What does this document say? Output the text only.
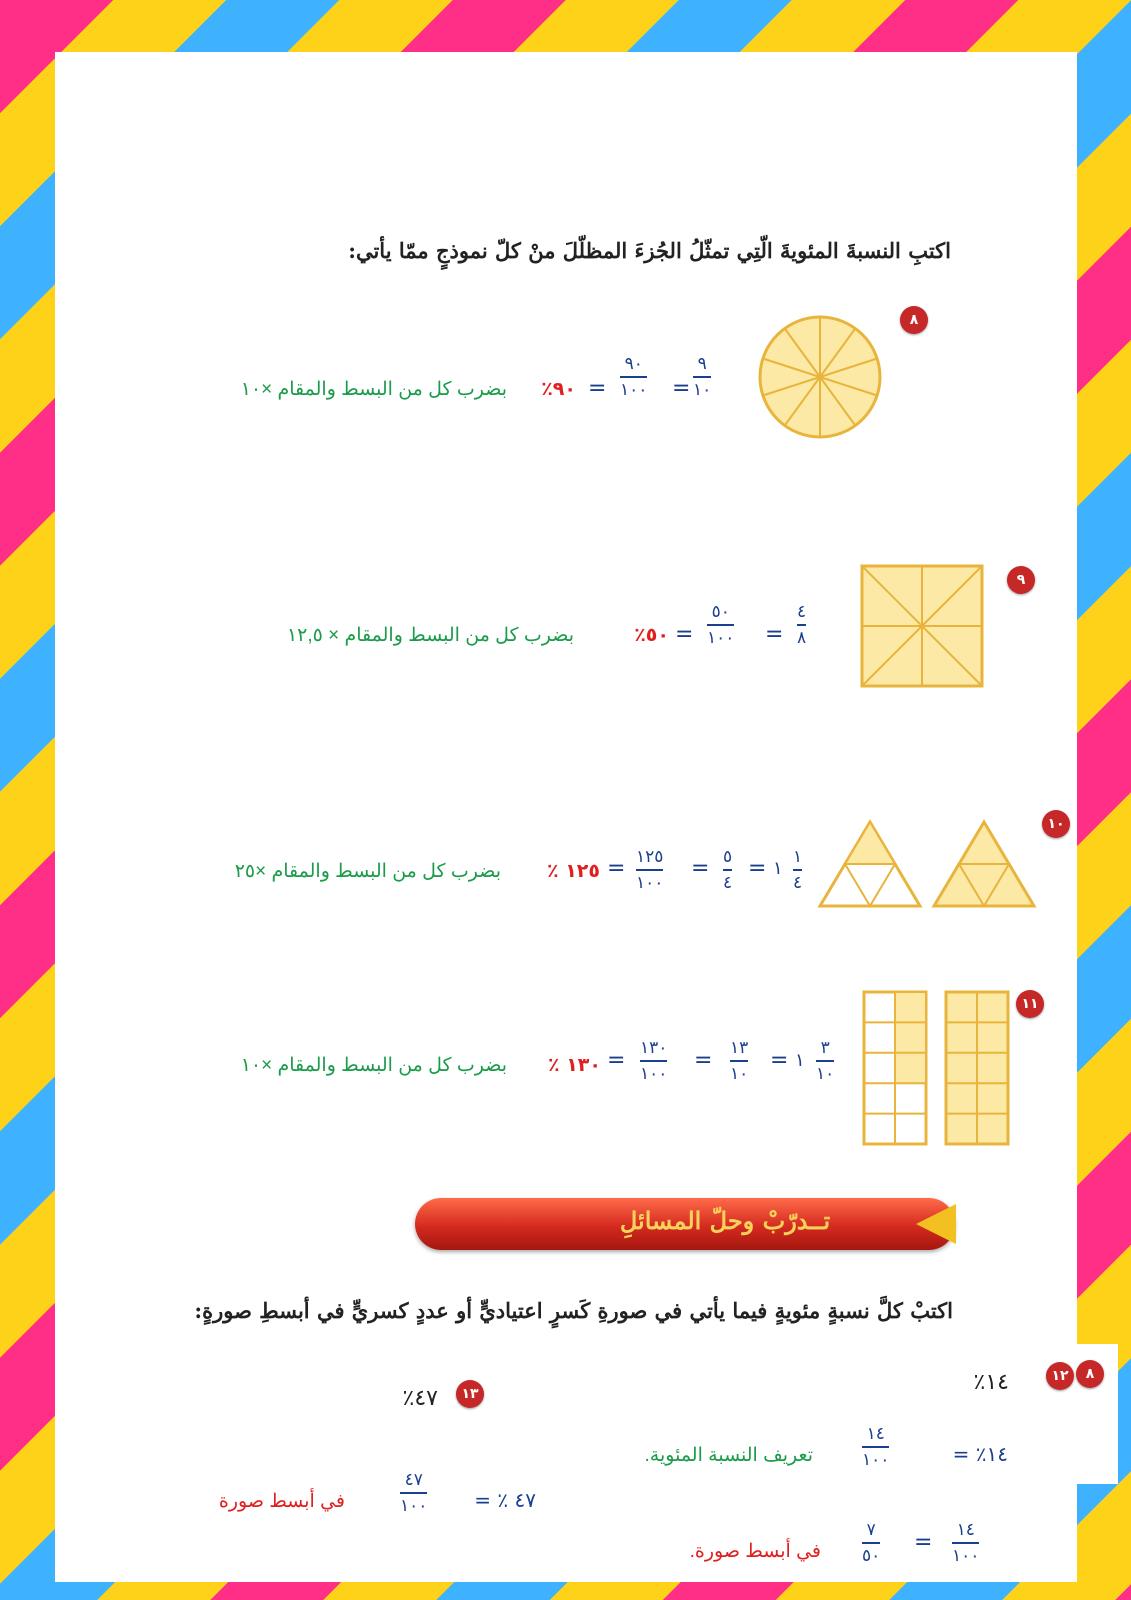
اكتبِ النسبةَ المئويةَ الّتِي تمثّلُ الجُزءَ المظلّلَ منْ كلّ نموذجٍ ممّا يأتي:
٨
٩
١٠
=
٩٠
١٠٠
=
٩٠٪
بضرب كل من البسط والمقام ×١٠
٩
٤
٨
=
٥٠
١٠٠
=
٥٠٪
بضرب كل من البسط والمقام × ١٢,٥
١٠
١
٤
١
=
٥
٤
=
١٢٥
١٠٠
=
١٢٥ ٪
بضرب كل من البسط والمقام ×٢٥
١١
٣
١٠
١
=
١٣
١٠
=
١٣٠
١٠٠
=
١٣٠ ٪
بضرب كل من البسط والمقام ×١٠
تــدرّبْ وحلّ المسائلِ
اكتبْ كلَّ نسبةٍ مئويةٍ فيما يأتي في صورةِ كَسرٍ اعتياديٍّ أو عددٍ كسريٍّ في أبسطِ صورةٍ:
٨
١٢
١٤٪
١٤٪ =
١٤
١٠٠
تعريف النسبة المئوية.
١٤
١٠٠
=
٧
٥٠
في أبسط صورة.
١٣
٤٧٪
٤٧ ٪ =
٤٧
١٠٠
في أبسط صورة
